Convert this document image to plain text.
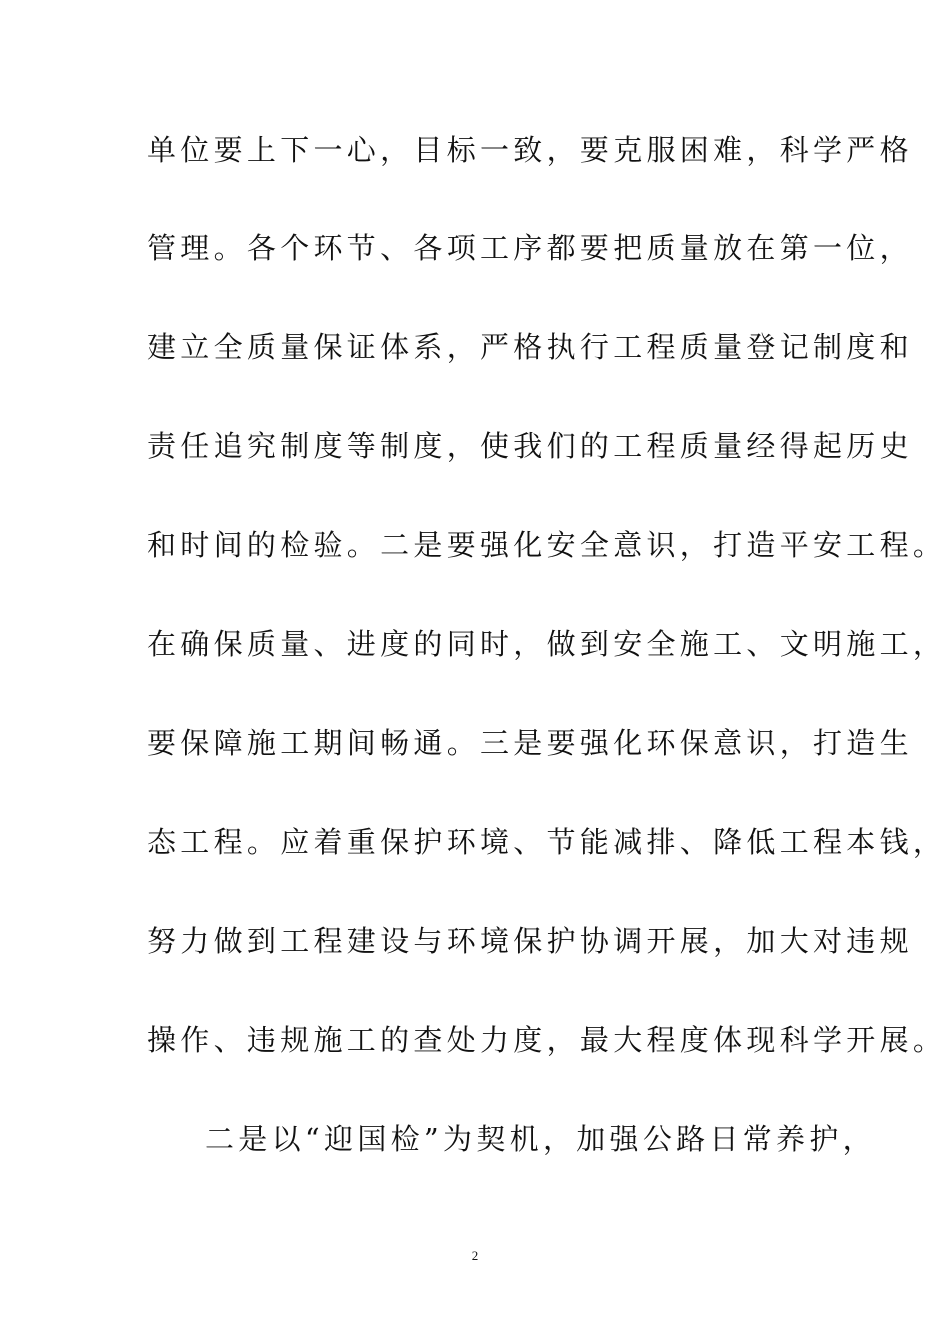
单位要上下一心，目标一致，要克服困难，科学严格
管理。各个环节、各项工序都要把质量放在第一位，
建立全质量保证体系，严格执行工程质量登记制度和
责任追究制度等制度，使我们的工程质量经得起历史
和时间的检验。二是要强化安全意识，打造平安工程。
在确保质量、进度的同时，做到安全施工、文明施工，
要保障施工期间畅通。三是要强化环保意识，打造生
态工程。应着重保护环境、节能减排、降低工程本钱，
努力做到工程建设与环境保护协调开展，加大对违规
操作、违规施工的查处力度，最大程度体现科学开展。
二是以“迎国检”为契机，加强公路日常养护，
2
